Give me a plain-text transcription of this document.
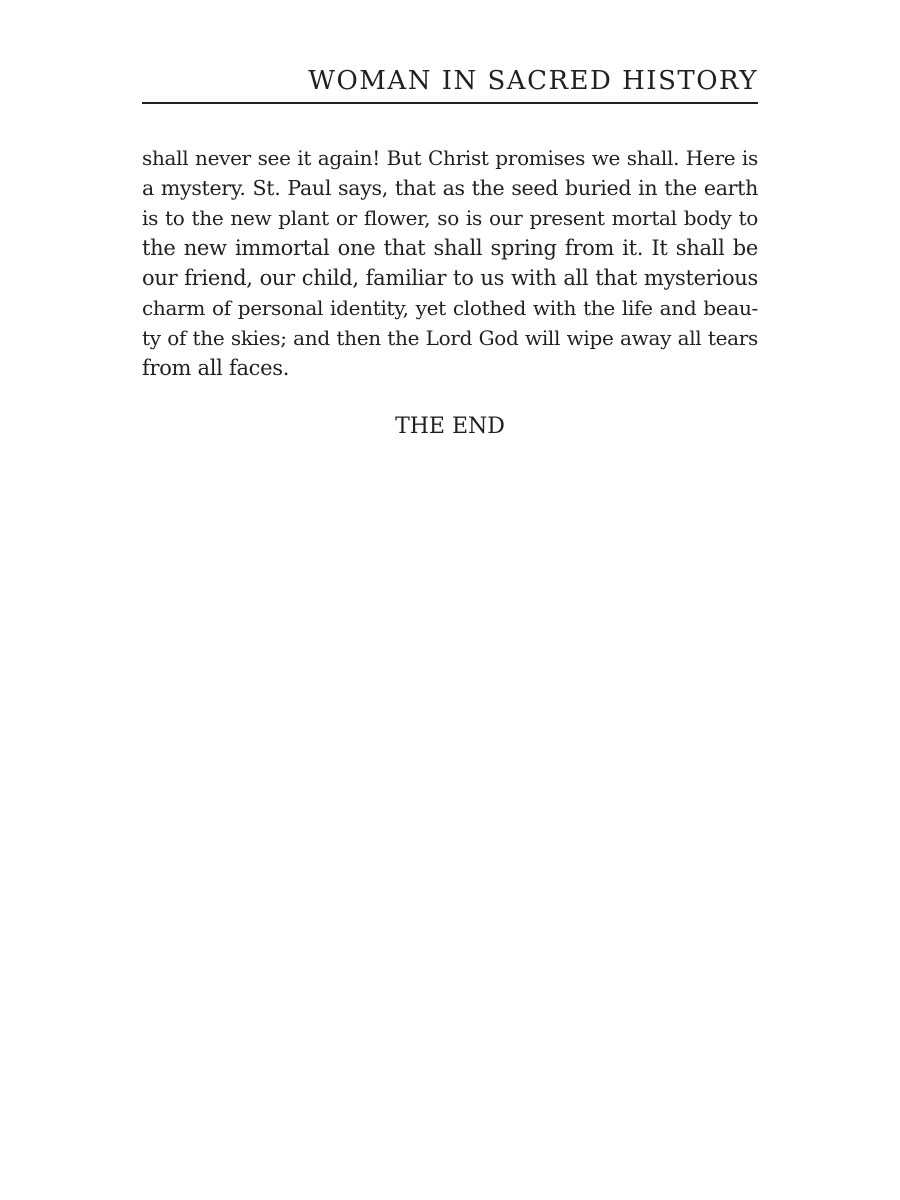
WOMAN IN SACRED HISTORY
shall never see it again! But Christ promises we shall. Here is
a mystery. St. Paul says, that as the seed buried in the earth
is to the new plant or flower, so is our present mortal body to
the new immortal one that shall spring from it. It shall be
our friend, our child, familiar to us with all that mysterious
charm of personal identity, yet clothed with the life and beau-
ty of the skies; and then the Lord God will wipe away all tears
from all faces.
THE END
